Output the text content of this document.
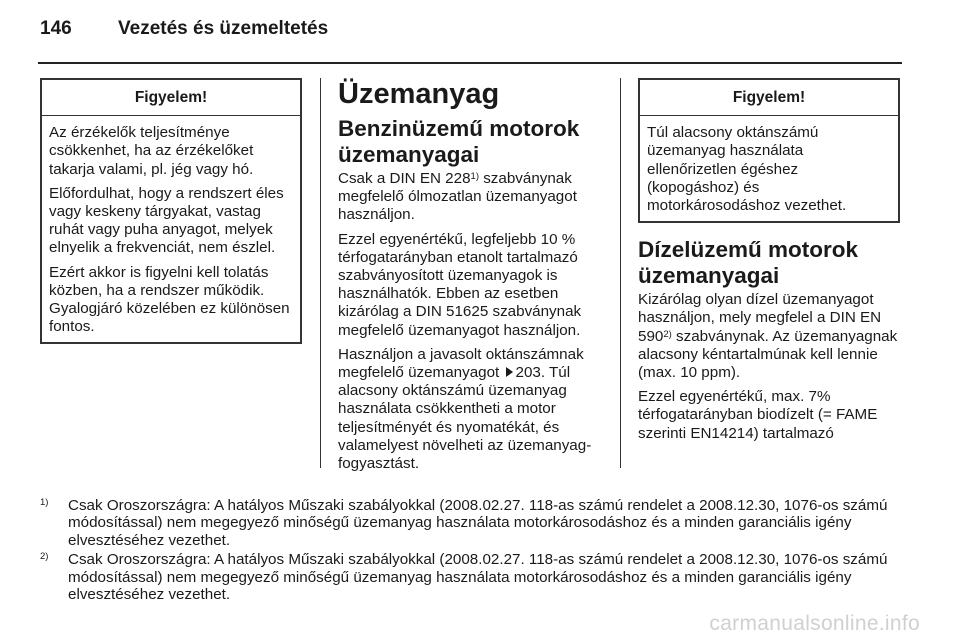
146 Vezetés és üzemeltetés
Figyelem!

Az érzékelők teljesítménye csökkenhet, ha az érzékelőket takarja valami, pl. jég vagy hó.

Előfordulhat, hogy a rendszert éles vagy keskeny tárgyakat, vastag ruhát vagy puha anyagot, melyek elnyelik a frekvenciát, nem észlel.

Ezért akkor is figyelni kell tolatás közben, ha a rendszer működik. Gyalogjáró közelében ez különösen fontos.

Üzemanyag
Benzinüzemű motorok üzemanyagai

Csak a DIN EN 228$^{1)}$ szabványnak megfelelő ólmozatlan üzemanyagot használjon.

Ezzel egyenértékű, legfeljebb 10 % térfogatarányban etanolt tartalmazó szabványosított üzemanyagok is használhatók. Ebben az esetben kizárólag a DIN 51625 szabványnak megfelelő üzemanyagot használjon.

Használjon a javasolt oktánszámnak megfelelő üzemanyagot 203. Túl alacsony oktánszámú üzemanyag használata csökkentheti a motor teljesítményét és nyomatékát, és valamelyest növelheti az üzemanyag-fogyasztást.

Figyelem!

Túl alacsony oktánszámú üzemanyag használata ellenőrizetlen égéshez (kopogáshoz) és motorkárosodáshoz vezethet.

Dízelüzemű motorok üzemanyagai

Kizárólag olyan dízel üzemanyagot használjon, mely megfelel a DIN EN 590$^{2)}$ szabványnak. Az üzemanyagnak alacsony kéntartalmúnak kell lennie (max. 10 ppm).

Ezzel egyenértékű, max. 7% térfogatarányban biodízelt (= FAME szerinti EN14214) tartalmazó

1) Csak Oroszországra: A hatályos Műszaki szabályokkal (2008.02.27. 118-as számú rendelet a 2008.12.30, 1076-os számú módosítással) nem megegyező minőségű üzemanyag használata motorkárosodáshoz és a minden garanciális igény elvesztéséhez vezethet.
2) Csak Oroszországra: A hatályos Műszaki szabályokkal (2008.02.27. 118-as számú rendelet a 2008.12.30, 1076-os számú módosítással) nem megegyező minőségű üzemanyag használata motorkárosodáshoz és a minden garanciális igény elvesztéséhez vezethet.
carmanualsonline.info
